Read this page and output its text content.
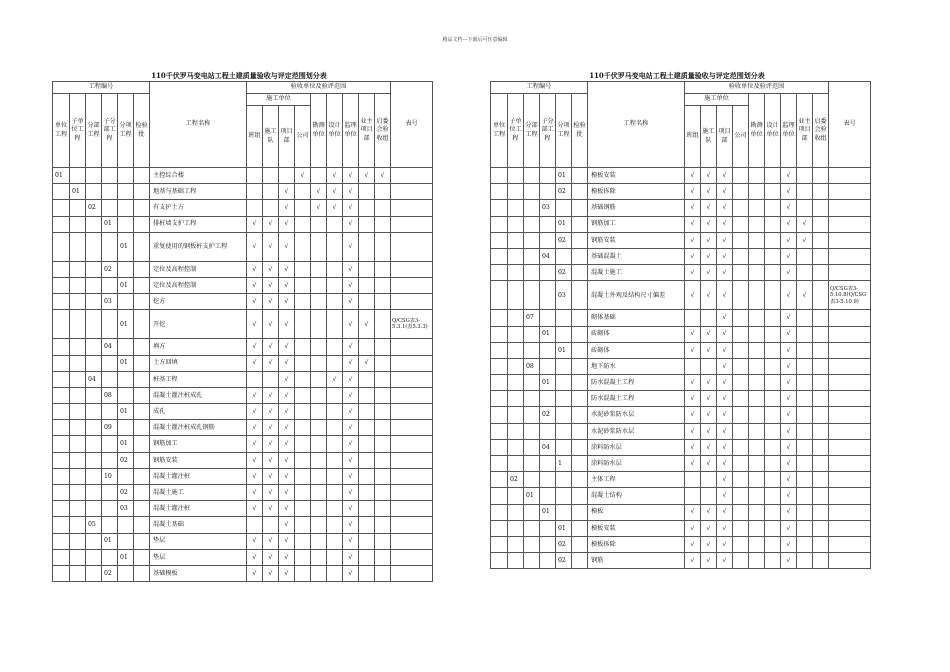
精品文档---下载后可任意编辑
110千伏罗马变电站工程土建质量验收与评定范围划分表
工程编号						工程名称	验收单位及验评范围									表号
单位工程	子单位工程	分部工程	子分部工程	分项工程	检验批		施工单位				勘测单位	设计单位	监理单位	业主项目部	启委会验收组	
							班组	施工队	项目部	公司						
01						主控综合楼				√		√	√	√	√	
	01					地基与基础工程			√		√	√	√			
		02				有支护土方			√		√	√	√			
			01			排桩墙支护工程	√	√	√				√			
				01		重复使用的钢板桩支护工程	√	√	√				√			
			02			定位及高程控制	√	√	√				√			
				01		定位及高程控制	√	√	√				√			
			03			挖方	√	√	√				√			
				01		开挖	√	√	√				√	√		Q/CSG表3-5.3.1(表5.3.3)
			04			填方	√	√	√				√			
				01		土方回填	√	√	√				√	√		
		04				桩基工程			√			√	√			
			08			混凝土灌注桩成孔	√	√	√				√			
				01		成孔	√	√	√				√			
			09			混凝土灌注桩成孔钢筋	√	√	√				√			
				01		钢筋加工	√	√	√				√			
				02		钢筋安装	√	√	√				√			
			10			混凝土灌注桩	√	√	√				√			
				02		混凝土施工	√	√	√				√			
				03		混凝土灌注桩	√	√	√				√			
		05				混凝土基础			√				√			
			01			垫层	√	√	√				√			
				01		垫层	√	√	√				√			
			02			基础模板	√	√	√				√			
110千伏罗马变电站工程土建质量验收与评定范围划分表
工程编号						工程名称	验收单位及验评范围									表号
单位工程	子单位工程	分部工程	子分部工程	分项工程	检验批		施工单位				勘测单位	设计单位	监理单位	业主项目部	启委会验收组	
							班组	施工队	项目部	公司						
				01		模板安装	√	√	√				√			
				02		模板拆除	√	√	√				√			
			03			基础钢筋	√	√	√				√			
				01		钢筋加工	√	√	√				√	√		
				02		钢筋安装	√	√	√				√	√		
			04			基础混凝土	√	√	√				√			
				02		混凝土施工	√	√	√				√			
				03		混凝土外观及结构尺寸偏差	√	√	√				√	√		Q/CSG表3-5.10.8(Q/CSG表3-5.10.9)
		07				砌体基础			√				√			
			01			砖砌体	√	√	√				√			
				01		砖砌体	√	√	√				√			
		08				地下防水			√				√			
			01			防水混凝土工程	√	√	√				√			
						防水混凝土工程	√	√	√				√			
			02			水泥砂浆防水层	√	√	√				√			
						水泥砂浆防水层	√	√	√				√			
			04			涂料防水层	√	√	√				√			
				1		涂料防水层	√	√	√				√			
	02					主体工程			√				√			
		01				混凝土结构			√				√			
			01			模板	√	√	√				√			
				01		模板安装	√	√	√				√			
				02		模板拆除	√	√	√				√			
				02		钢筋	√	√	√				√			
